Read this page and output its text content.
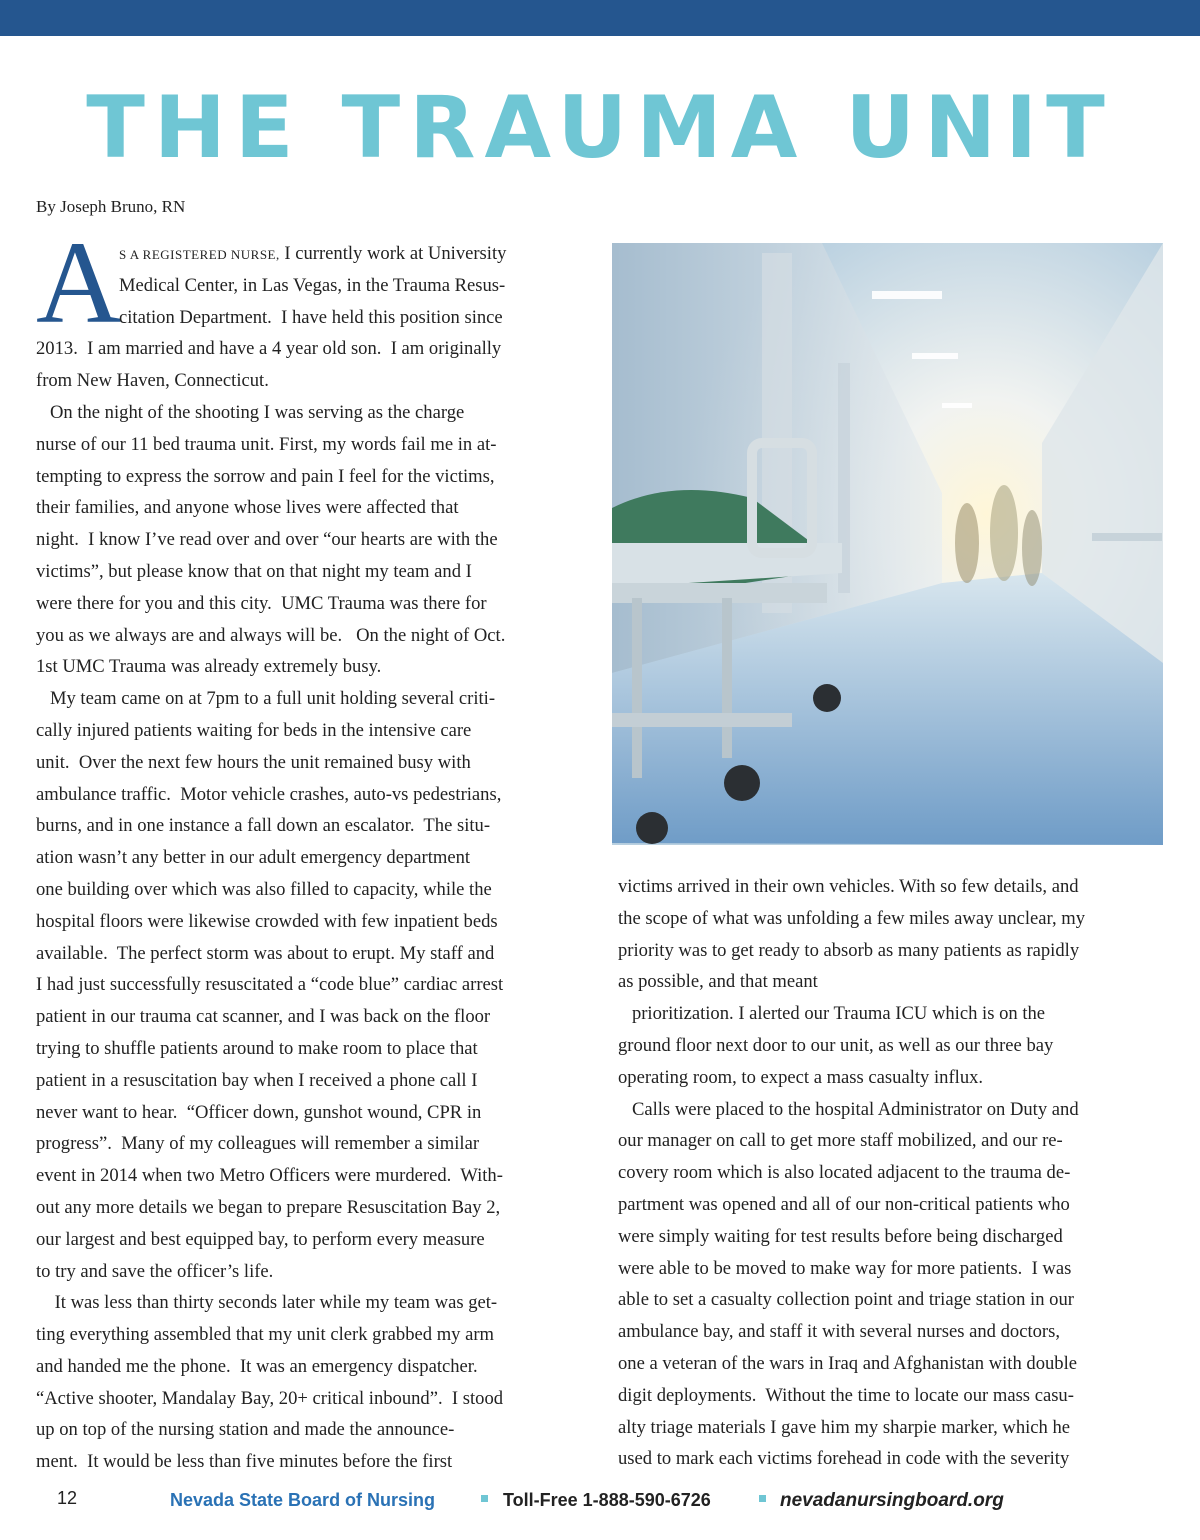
THE TRAUMA UNIT
By Joseph Bruno, RN
A
S A REGISTERED NURSE, I currently work at University
Medical Center, in Las Vegas, in the Trauma Resus-
citation Department.  I have held this position since
2013.  I am married and have a 4 year old son.  I am originally
from New Haven, Connecticut.
On the night of the shooting I was serving as the charge
nurse of our 11 bed trauma unit. First, my words fail me in at-
tempting to express the sorrow and pain I feel for the victims,
their families, and anyone whose lives were affected that
night.  I know I’ve read over and over “our hearts are with the
victims”, but please know that on that night my team and I
were there for you and this city.  UMC Trauma was there for
you as we always are and always will be.   On the night of Oct.
1st UMC Trauma was already extremely busy.
My team came on at 7pm to a full unit holding several criti-
cally injured patients waiting for beds in the intensive care
unit.  Over the next few hours the unit remained busy with
ambulance traffic.  Motor vehicle crashes, auto-vs pedestrians,
burns, and in one instance a fall down an escalator.  The situ-
ation wasn’t any better in our adult emergency department
one building over which was also filled to capacity, while the
hospital floors were likewise crowded with few inpatient beds
available.  The perfect storm was about to erupt. My staff and
I had just successfully resuscitated a “code blue” cardiac arrest
patient in our trauma cat scanner, and I was back on the floor
trying to shuffle patients around to make room to place that
patient in a resuscitation bay when I received a phone call I
never want to hear.  “Officer down, gunshot wound, CPR in
progress”.  Many of my colleagues will remember a similar
event in 2014 when two Metro Officers were murdered.  With-
out any more details we began to prepare Resuscitation Bay 2,
our largest and best equipped bay, to perform every measure
to try and save the officer’s life.
It was less than thirty seconds later while my team was get-
ting everything assembled that my unit clerk grabbed my arm
and handed me the phone.  It was an emergency dispatcher.
“Active shooter, Mandalay Bay, 20+ critical inbound”.  I stood
up on top of the nursing station and made the announce-
ment.  It would be less than five minutes before the first
victims arrived in their own vehicles. With so few details, and
the scope of what was unfolding a few miles away unclear, my
priority was to get ready to absorb as many patients as rapidly
as possible, and that meant
prioritization. I alerted our Trauma ICU which is on the
ground floor next door to our unit, as well as our three bay
operating room, to expect a mass casualty influx.
Calls were placed to the hospital Administrator on Duty and
our manager on call to get more staff mobilized, and our re-
covery room which is also located adjacent to the trauma de-
partment was opened and all of our non-critical patients who
were simply waiting for test results before being discharged
were able to be moved to make way for more patients.  I was
able to set a casualty collection point and triage station in our
ambulance bay, and staff it with several nurses and doctors,
one a veteran of the wars in Iraq and Afghanistan with double
digit deployments.  Without the time to locate our mass casu-
alty triage materials I gave him my sharpie marker, which he
used to mark each victims forehead in code with the severity
12	Nevada State Board of Nursing	Toll-Free 1-888-590-6726	nevadanursingboard.org
